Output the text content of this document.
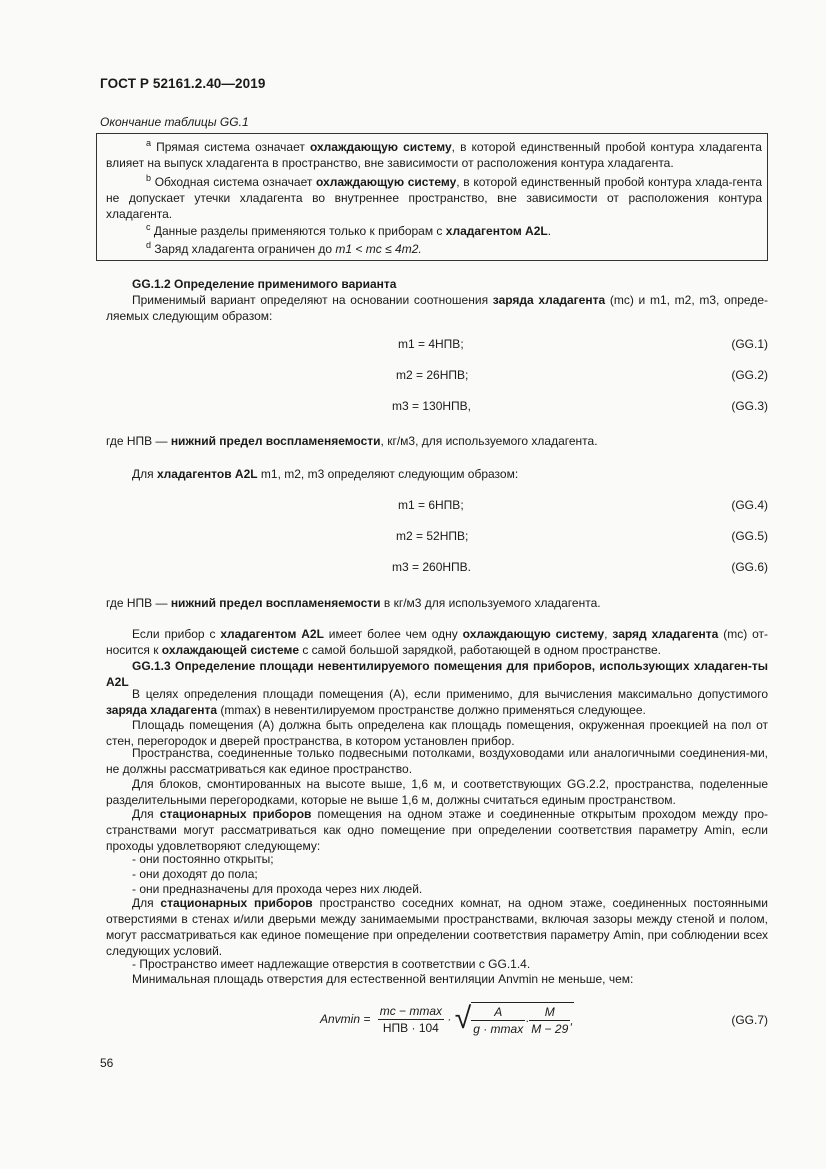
ГОСТ Р 52161.2.40—2019
Окончание таблицы GG.1
$^a$ Прямая система означает охлаждающую систему, в которой единственный пробой контура хладагента влияет на выпуск хладагента в пространство, вне зависимости от расположения контура хладагента.
$^b$ Обходная система означает охлаждающую систему, в которой единственный пробой контура хлада-гента не допускает утечки хладагента во внутреннее пространство, вне зависимости от расположения контура хладагента.
$^c$ Данные разделы применяются только к приборам с хладагентом A2L.
$^d$ Заряд хладагента ограничен до m1 < mc ≤ 4m2.
GG.1.2 Определение применимого варианта
Применимый вариант определяют на основании соотношения заряда хладагента (mc) и m1, m2, m3, опреде-ляемых следующим образом:
m1 = 4НПВ;	(GG.1)
m2 = 26НПВ;	(GG.2)
m3 = 130НПВ,	(GG.3)
где НПВ — нижний предел воспламеняемости, кг/м3, для используемого хладагента.
Для хладагентов A2L m1, m2, m3 определяют следующим образом:
m1 = 6НПВ;	(GG.4)
m2 = 52НПВ;	(GG.5)
m3 = 260НПВ.	(GG.6)
где НПВ — нижний предел воспламеняемости в кг/м3 для используемого хладагента.
Если прибор с хладагентом A2L имеет более чем одну охлаждающую систему, заряд хладагента (mc) от-носится к охлаждающей системе с самой большой зарядкой, работающей в одном пространстве.
GG.1.3 Определение площади невентилируемого помещения для приборов, использующих хладаген-ты A2L
В целях определения площади помещения (A), если применимо, для вычисления максимально допустимого заряда хладагента (mmax) в невентилируемом пространстве должно применяться следующее.
Площадь помещения (A) должна быть определена как площадь помещения, окруженная проекцией на пол от стен, перегородок и дверей пространства, в котором установлен прибор.
Пространства, соединенные только подвесными потолками, воздуховодами или аналогичными соединения-ми, не должны рассматриваться как единое пространство.
Для блоков, смонтированных на высоте выше, 1,6 м, и соответствующих GG.2.2, пространства, поделенные разделительными перегородками, которые не выше 1,6 м, должны считаться единым пространством.
Для стационарных приборов помещения на одном этаже и соединенные открытым проходом между про-странствами могут рассматриваться как одно помещение при определении соответствия параметру Amin, если проходы удовлетворяют следующему:
- они постоянно открыты;
- они доходят до пола;
- они предназначены для прохода через них людей.
Для стационарных приборов пространство соседних комнат, на одном этаже, соединенных постоянными отверстиями в стенах и/или дверьми между занимаемыми пространствами, включая зазоры между стеной и полом, могут рассматриваться как единое помещение при определении соответствия параметру Amin, при соблюдении всех следующих условий.
- Пространство имеет надлежащие отверстия в соответствии с GG.1.4.
Минимальная площадь отверстия для естественной вентиляции Anvmin не меньше, чем:
$Anvmin = \frac{mc - mmax}{\text{НПВ · 104}}$ · √ $\frac{A}{g \cdot mmax} \cdot \frac{M}{M - 29}$ ,	(GG.7)
56
